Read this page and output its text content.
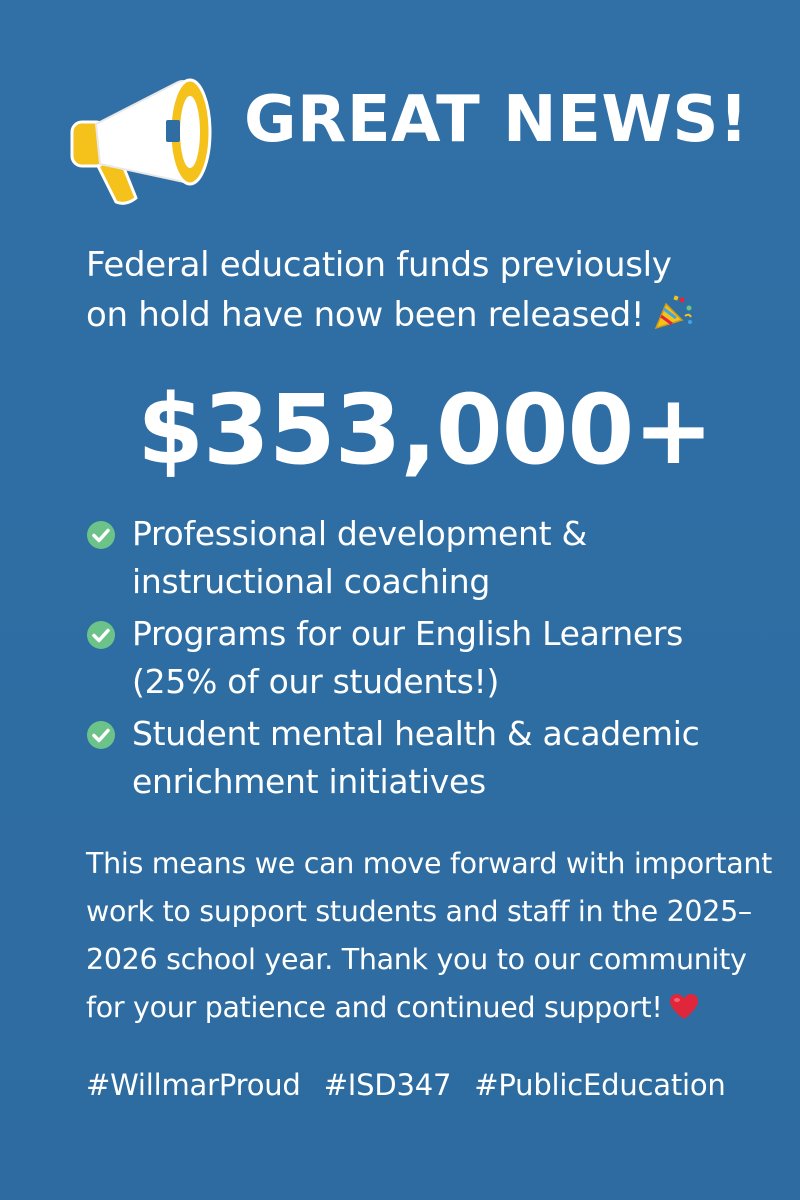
GREAT NEWS!
Federal education funds previously
on hold have now been released!
$353,000+
Professional development &
instructional coaching
Programs for our English Learners
(25% of our students!)
Student mental health & academic
enrichment initiatives
This means we can move forward with important
work to support students and staff in the 2025–
2026 school year. Thank you to our community
for your patience and continued support!
#WillmarProud #ISD347 #PublicEducation
